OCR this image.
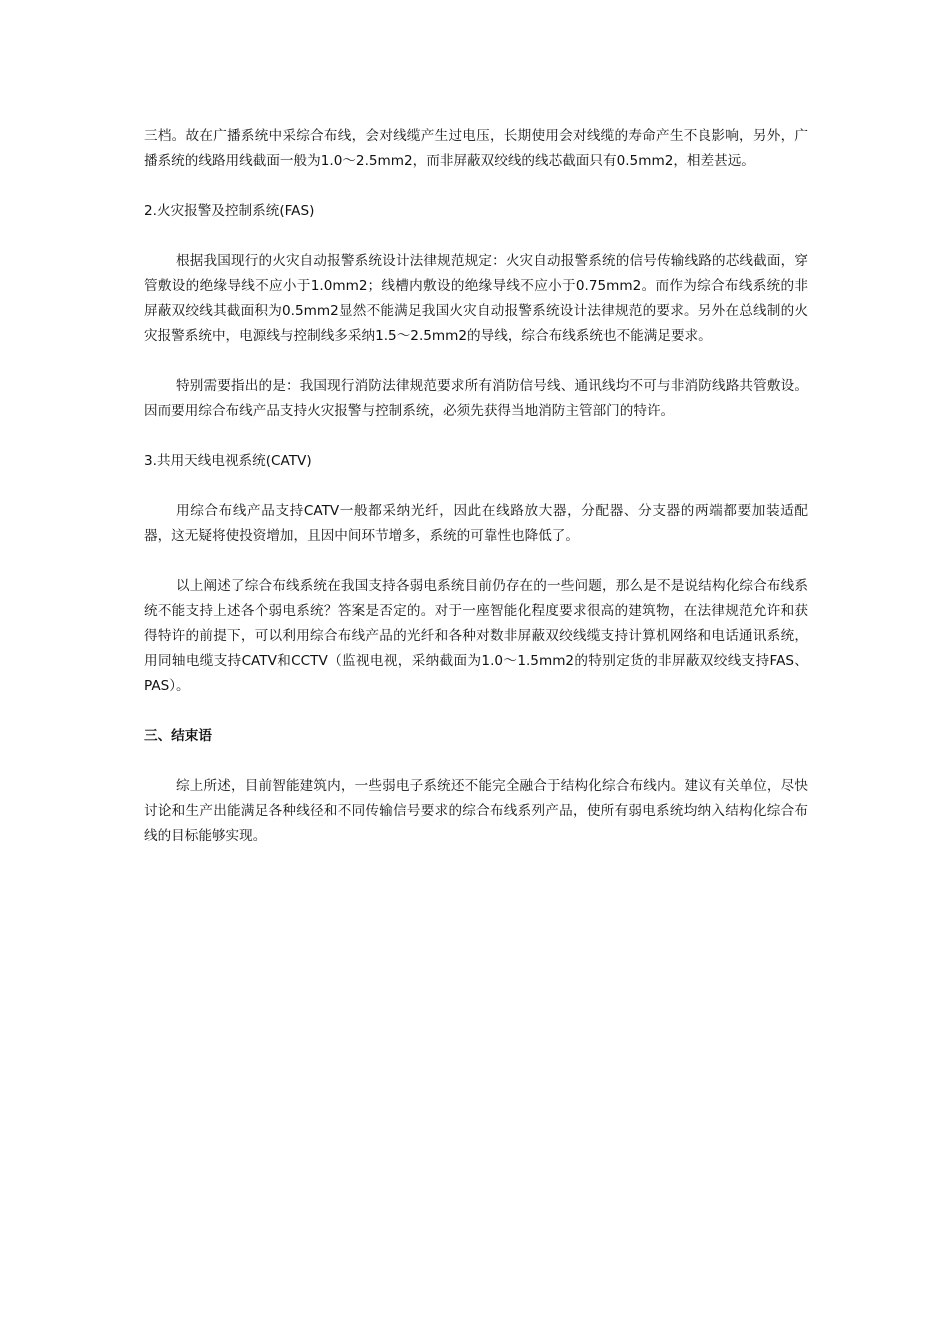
三档。故在广播系统中采综合布线，会对线缆产生过电压，长期使用会对线缆的寿命产生不良影响，另外，广播系统的线路用线截面一般为1.0～2.5mm2，而非屏蔽双绞线的线芯截面只有0.5mm2，相差甚远。

2.火灾报警及控制系统(FAS)

根据我国现行的火灾自动报警系统设计法律规范规定：火灾自动报警系统的信号传输线路的芯线截面，穿管敷设的绝缘导线不应小于1.0mm2；线槽内敷设的绝缘导线不应小于0.75mm2。而作为综合布线系统的非屏蔽双绞线其截面积为0.5mm2显然不能满足我国火灾自动报警系统设计法律规范的要求。另外在总线制的火灾报警系统中，电源线与控制线多采纳1.5～2.5mm2的导线，综合布线系统也不能满足要求。

特别需要指出的是：我国现行消防法律规范要求所有消防信号线、通讯线均不可与非消防线路共管敷设。因而要用综合布线产品支持火灾报警与控制系统，必须先获得当地消防主管部门的特许。

3.共用天线电视系统(CATV)

用综合布线产品支持CATV一般都采纳光纤，因此在线路放大器，分配器、分支器的两端都要加装适配器，这无疑将使投资增加，且因中间环节增多，系统的可靠性也降低了。

以上阐述了综合布线系统在我国支持各弱电系统目前仍存在的一些问题，那么是不是说结构化综合布线系统不能支持上述各个弱电系统？答案是否定的。对于一座智能化程度要求很高的建筑物，在法律规范允许和获得特许的前提下，可以利用综合布线产品的光纤和各种对数非屏蔽双绞线缆支持计算机网络和电话通讯系统，用同轴电缆支持CATV和CCTV（监视电视，采纳截面为1.0～1.5mm2的特别定货的非屏蔽双绞线支持FAS、PAS）。

三、结束语

综上所述，目前智能建筑内，一些弱电子系统还不能完全融合于结构化综合布线内。建议有关单位，尽快讨论和生产出能满足各种线径和不同传输信号要求的综合布线系列产品，使所有弱电系统均纳入结构化综合布线的目标能够实现。
